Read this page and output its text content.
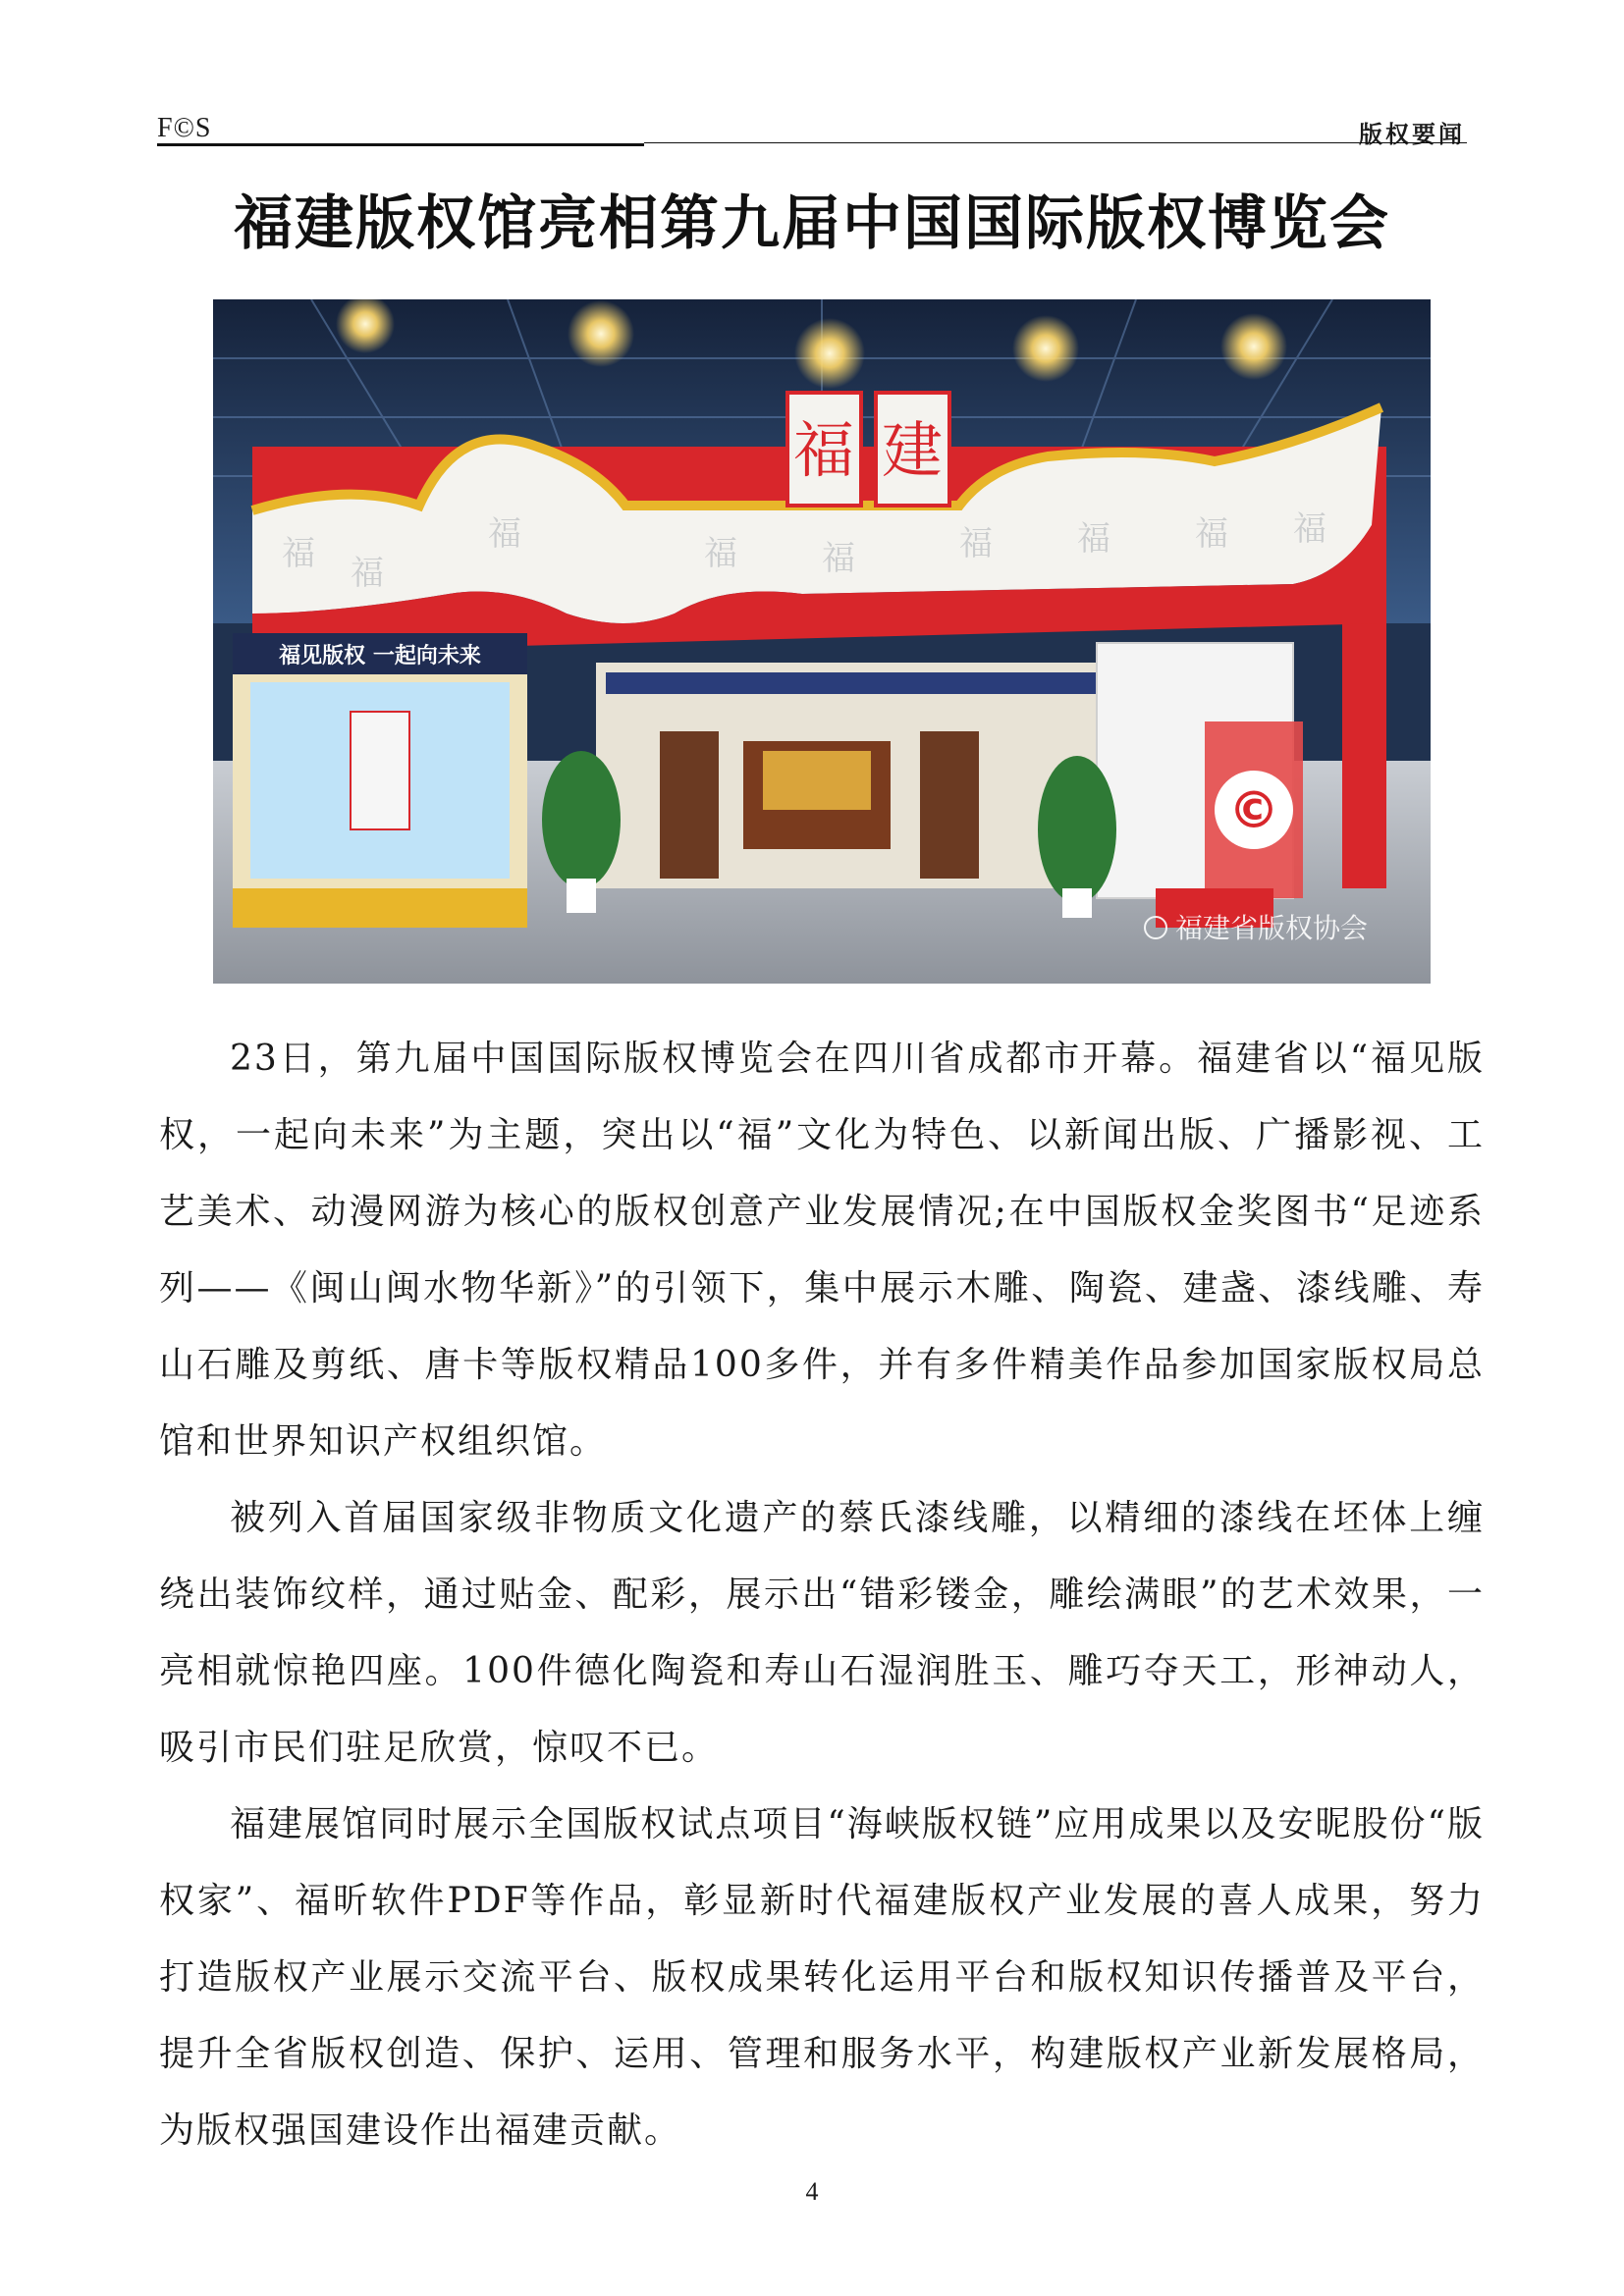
F©S	版权要闻
福建版权馆亮相第九届中国国际版权博览会
福 福
福	福	福	福	福	福 福
福 建
福见版权 一起向未来
©
福建省版权协会

23日，第九届中国国际版权博览会在四川省成都市开幕。福建省以“福见版权，一起向未来”为主题，突出以“福”文化为特色、以新闻出版、广播影视、工艺美术、动漫网游为核心的版权创意产业发展情况;在中国版权金奖图书“足迹系列——《闽山闽水物华新》”的引领下，集中展示木雕、陶瓷、建盏、漆线雕、寿山石雕及剪纸、唐卡等版权精品100多件，并有多件精美作品参加国家版权局总馆和世界知识产权组织馆。

被列入首届国家级非物质文化遗产的蔡氏漆线雕，以精细的漆线在坯体上缠绕出装饰纹样，通过贴金、配彩，展示出“错彩镂金，雕绘满眼”的艺术效果，一亮相就惊艳四座。100件德化陶瓷和寿山石湿润胜玉、雕巧夺天工，形神动人，吸引市民们驻足欣赏，惊叹不已。

福建展馆同时展示全国版权试点项目“海峡版权链”应用成果以及安昵股份“版权家”、福昕软件PDF等作品，彰显新时代福建版权产业发展的喜人成果，努力打造版权产业展示交流平台、版权成果转化运用平台和版权知识传播普及平台，提升全省版权创造、保护、运用、管理和服务水平，构建版权产业新发展格局，为版权强国建设作出福建贡献。

4
